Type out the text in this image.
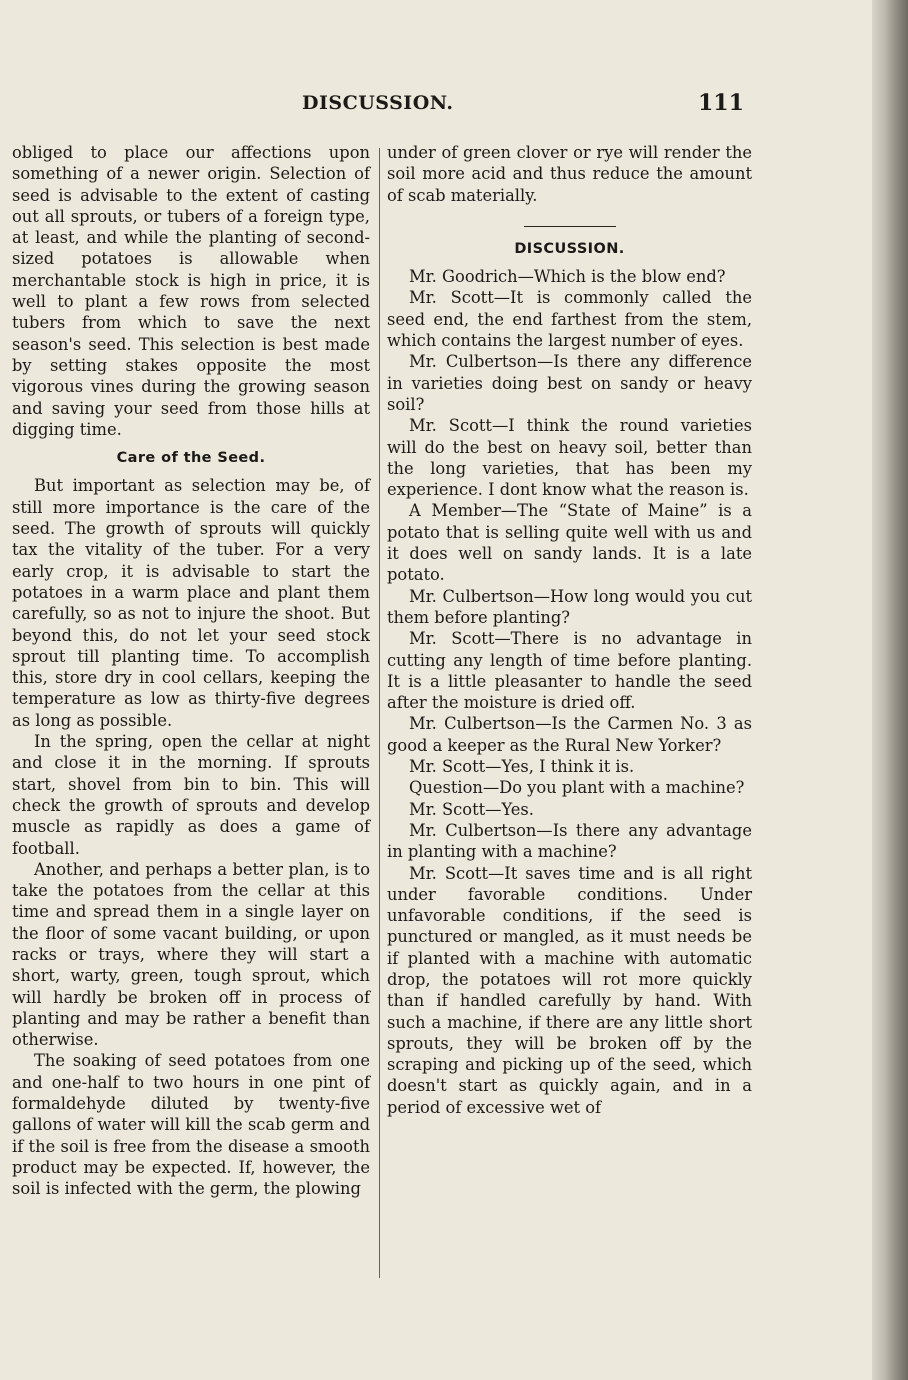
DISCUSSION.	111

obliged to place our affections upon something of a newer origin. Selection of seed is advisable to the extent of casting out all sprouts, or tubers of a foreign type, at least, and while the planting of second-sized potatoes is allowable when merchantable stock is high in price, it is well to plant a few rows from selected tubers from which to save the next season's seed. This selection is best made by setting stakes opposite the most vigorous vines during the growing season and saving your seed from those hills at digging time.

Care of the Seed.

But important as selection may be, of still more importance is the care of the seed. The growth of sprouts will quickly tax the vitality of the tuber. For a very early crop, it is advisable to start the potatoes in a warm place and plant them carefully, so as not to injure the shoot. But beyond this, do not let your seed stock sprout till planting time. To accomplish this, store dry in cool cellars, keeping the temperature as low as thirty-five degrees as long as possible.

In the spring, open the cellar at night and close it in the morning. If sprouts start, shovel from bin to bin. This will check the growth of sprouts and develop muscle as rapidly as does a game of football.

Another, and perhaps a better plan, is to take the potatoes from the cellar at this time and spread them in a single layer on the floor of some vacant building, or upon racks or trays, where they will start a short, warty, green, tough sprout, which will hardly be broken off in process of planting and may be rather a benefit than otherwise.

The soaking of seed potatoes from one and one-half to two hours in one pint of formaldehyde diluted by twenty-five gallons of water will kill the scab germ and if the soil is free from the disease a smooth product may be expected. If, however, the soil is infected with the germ, the plowing

under of green clover or rye will render the soil more acid and thus reduce the amount of scab materially.

DISCUSSION.

Mr. Goodrich—Which is the blow end?

Mr. Scott—It is commonly called the seed end, the end farthest from the stem, which contains the largest number of eyes.

Mr. Culbertson—Is there any difference in varieties doing best on sandy or heavy soil?

Mr. Scott—I think the round varieties will do the best on heavy soil, better than the long varieties, that has been my experience. I dont know what the reason is.

A Member—The “State of Maine” is a potato that is selling quite well with us and it does well on sandy lands. It is a late potato.

Mr. Culbertson—How long would you cut them before planting?

Mr. Scott—There is no advantage in cutting any length of time before planting. It is a little pleasanter to handle the seed after the moisture is dried off.

Mr. Culbertson—Is the Carmen No. 3 as good a keeper as the Rural New Yorker?

Mr. Scott—Yes, I think it is.

Question—Do you plant with a machine?

Mr. Scott—Yes.

Mr. Culbertson—Is there any advantage in planting with a machine?

Mr. Scott—It saves time and is all right under favorable conditions. Under unfavorable conditions, if the seed is punctured or mangled, as it must needs be if planted with a machine with automatic drop, the potatoes will rot more quickly than if handled carefully by hand. With such a machine, if there are any little short sprouts, they will be broken off by the scraping and picking up of the seed, which doesn't start as quickly again, and in a period of excessive wet of
